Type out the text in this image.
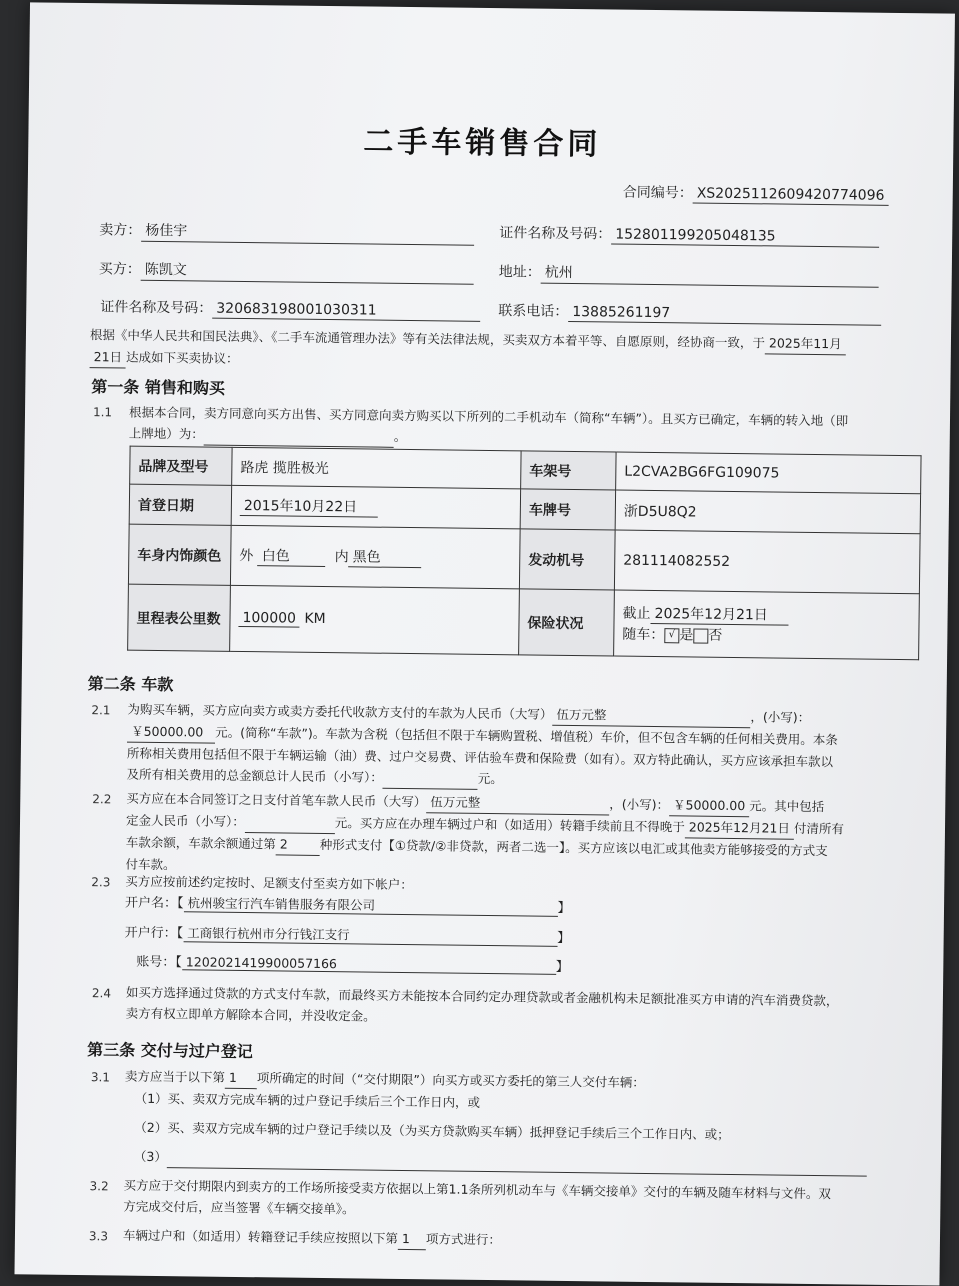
二手车销售合同
合同编号： XS2025112609420774096
卖方： 杨佳宇	证件名称及号码： 152801199205048135
买方： 陈凯文	地址： 杭州
证件名称及号码： 320683198001030311	联系电话： 13885261197
根据《中华人民共和国民法典》、《二手车流通管理办法》等有关法律法规，买卖双方本着平等、自愿原则，经协商一致，于 2025年11月
21日 达成如下买卖协议：
第一条 销售和购买
1.1 根据本合同，卖方同意向买方出售、买方同意向卖方购买以下所列的二手机动车（简称“车辆”）。且买方已确定，车辆的转入地（即
上牌地）为：	。
品牌及型号	路虎 揽胜极光	车架号	L2CVA2BG6FG109075
首登日期	2015年10月22日	车牌号	浙D5U8Q2
车身内饰颜色	外 白色 内 黑色	发动机号	281114082552
里程表公里数	100000 KM	保险状况	截止 2025年12月21日
随车： √ 是 否
第二条 车款
2.1 为购买车辆，买方应向卖方或卖方委托代收款方支付的车款为人民币（大写） 伍万元整	，(小写)：
￥50000.00 元。(简称“车款”)。车款为含税（包括但不限于车辆购置税、增值税）车价，但不包含车辆的任何相关费用。本条
所称相关费用包括但不限于车辆运输（油）费、过户交易费、评估验车费和保险费（如有）。双方特此确认，买方应该承担车款以
及所有相关费用的总金额总计人民币（小写）：	元。
2.2 买方应在本合同签订之日支付首笔车款人民币（大写） 伍万元整	，(小写)： ￥50000.00 元。其中包括
定金人民币（小写）：	元。买方应在办理车辆过户和（如适用）转籍手续前且不得晚于 2025年12月21日 付清所有
车款余额，车款余额通过第 2	种形式支付【①贷款/②非贷款，两者二选一】。买方应该以电汇或其他卖方能够接受的方式支
付车款。
2.3 买方应按前述约定按时、足额支付至卖方如下帐户：
开户名：【 杭州骏宝行汽车销售服务有限公司	】
开户行：【 工商银行杭州市分行钱江支行	】
账号：【 1202021419900057166	】
2.4 如买方选择通过贷款的方式支付车款，而最终买方未能按本合同约定办理贷款或者金融机构未足额批准买方申请的汽车消费贷款，
卖方有权立即单方解除本合同，并没收定金。
第三条 交付与过户登记
3.1 卖方应当于以下第 1 项所确定的时间（“交付期限”）向买方或买方委托的第三人交付车辆：
（1）买、卖双方完成车辆的过户登记手续后三个工作日内，或
（2）买、卖双方完成车辆的过户登记手续以及（为买方贷款购买车辆）抵押登记手续后三个工作日内、或；
（3）
3.2 买方应于交付期限内到卖方的工作场所接受卖方依据以上第1.1条所列机动车与《车辆交接单》交付的车辆及随车材料与文件。双
方完成交付后，应当签署《车辆交接单》。
3.3 车辆过户和（如适用）转籍登记手续应按照以下第 1 项方式进行：
